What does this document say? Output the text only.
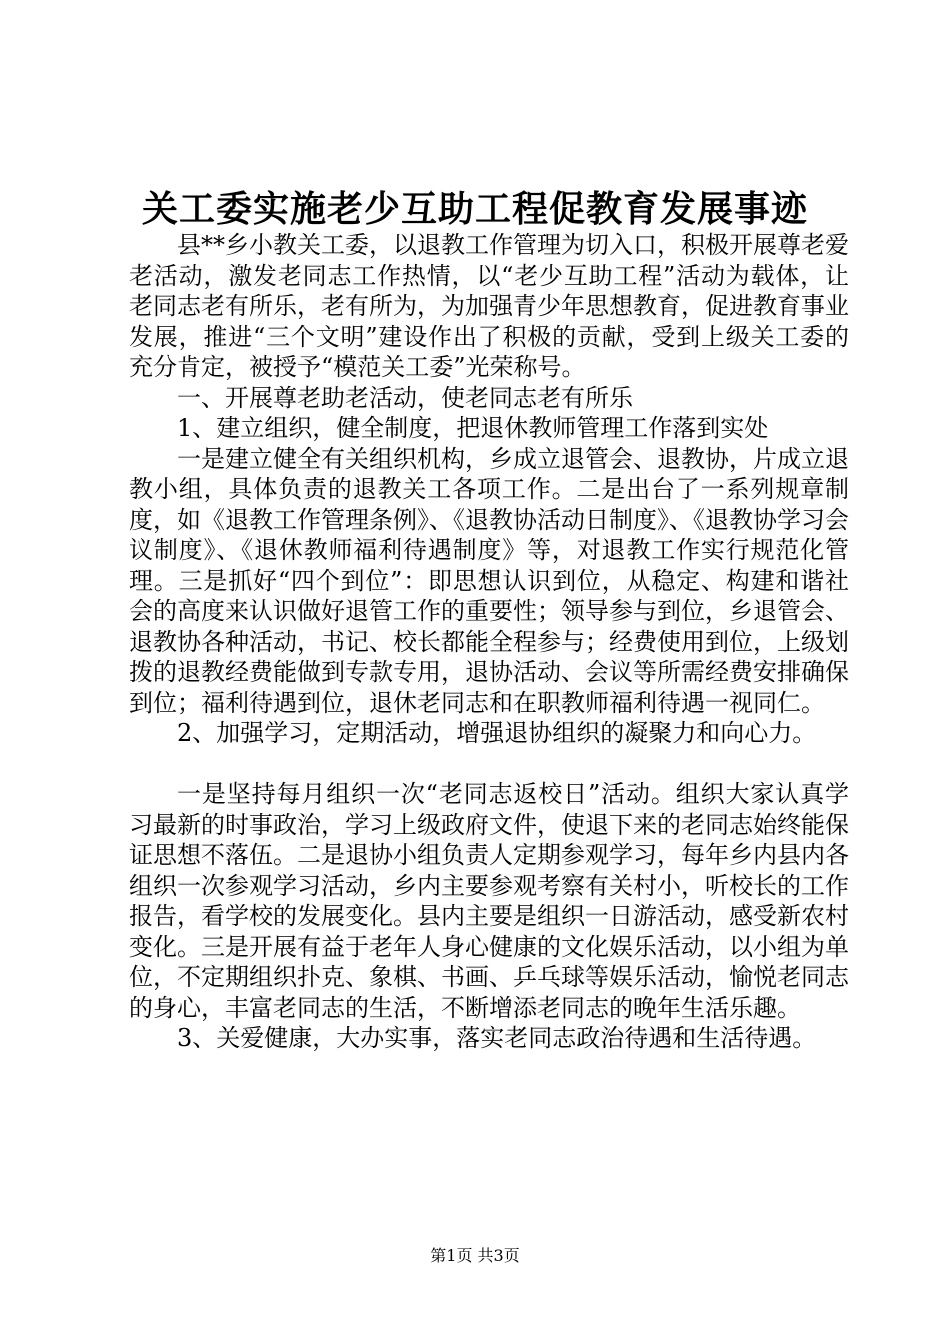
关工委实施老少互助工程促教育发展事迹

县**乡小教关工委，以退教工作管理为切入口，积极开展尊老爱老活动，激发老同志工作热情，以“老少互助工程”活动为载体，让老同志老有所乐，老有所为，为加强青少年思想教育，促进教育事业发展，推进“三个文明”建设作出了积极的贡献，受到上级关工委的充分肯定，被授予“模范关工委”光荣称号。

一、开展尊老助老活动，使老同志老有所乐

1、建立组织，健全制度，把退休教师管理工作落到实处

一是建立健全有关组织机构，乡成立退管会、退教协，片成立退教小组，具体负责的退教关工各项工作。二是出台了一系列规章制度，如《退教工作管理条例》、《退教协活动日制度》、《退教协学习会议制度》、《退休教师福利待遇制度》等，对退教工作实行规范化管理。三是抓好“四个到位”：即思想认识到位，从稳定、构建和谐社会的高度来认识做好退管工作的重要性；领导参与到位，乡退管会、退教协各种活动，书记、校长都能全程参与；经费使用到位，上级划拨的退教经费能做到专款专用，退协活动、会议等所需经费安排确保到位；福利待遇到位，退休老同志和在职教师福利待遇一视同仁。

2、加强学习，定期活动，增强退协组织的凝聚力和向心力。

一是坚持每月组织一次“老同志返校日”活动。组织大家认真学习最新的时事政治，学习上级政府文件，使退下来的老同志始终能保证思想不落伍。二是退协小组负责人定期参观学习，每年乡内县内各组织一次参观学习活动，乡内主要参观考察有关村小，听校长的工作报告，看学校的发展变化。县内主要是组织一日游活动，感受新农村变化。三是开展有益于老年人身心健康的文化娱乐活动，以小组为单位，不定期组织扑克、象棋、书画、乒乓球等娱乐活动，愉悦老同志的身心，丰富老同志的生活，不断增添老同志的晚年生活乐趣。

3、关爱健康，大办实事，落实老同志政治待遇和生活待遇。

第1页 共3页
